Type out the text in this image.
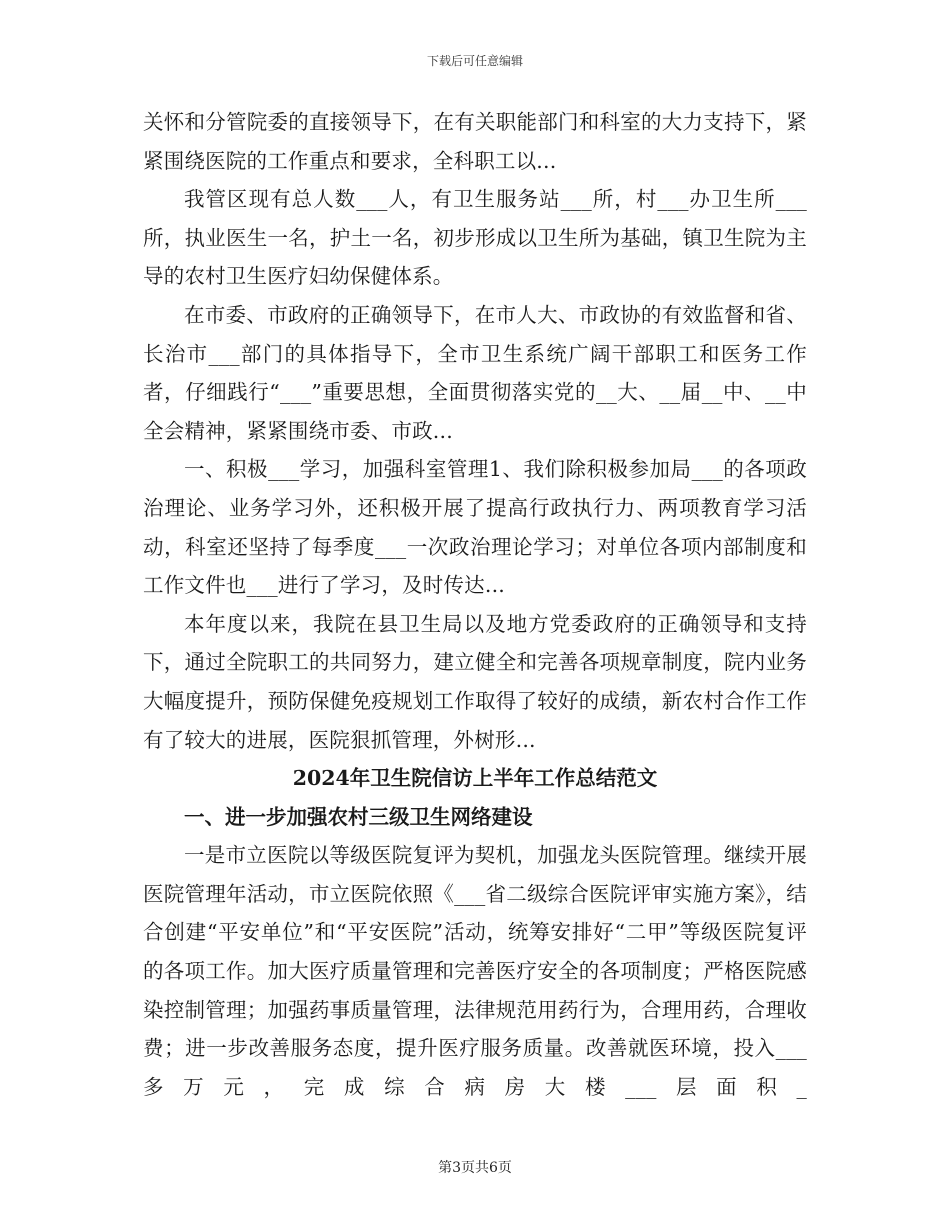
下载后可任意编辑

关怀和分管院委的直接领导下，在有关职能部门和科室的大力支持下，紧紧围绕医院的工作重点和要求，全科职工以...

我管区现有总人数___人，有卫生服务站___所，村___办卫生所___所，执业医生一名，护土一名，初步形成以卫生所为基础，镇卫生院为主导的农村卫生医疗妇幼保健体系。

在市委、市政府的正确领导下，在市人大、市政协的有效监督和省、长治市___部门的具体指导下，全市卫生系统广阔干部职工和医务工作者，仔细践行“___”重要思想，全面贯彻落实党的__大、__届__中、__中全会精神，紧紧围绕市委、市政...

一、积极___学习，加强科室管理1、我们除积极参加局___的各项政治理论、业务学习外，还积极开展了提高行政执行力、两项教育学习活动，科室还坚持了每季度___一次政治理论学习；对单位各项内部制度和工作文件也___进行了学习，及时传达...

本年度以来，我院在县卫生局以及地方党委政府的正确领导和支持下，通过全院职工的共同努力，建立健全和完善各项规章制度，院内业务大幅度提升，预防保健免疫规划工作取得了较好的成绩，新农村合作工作有了较大的进展，医院狠抓管理，外树形...

2024年卫生院信访上半年工作总结范文
一、进一步加强农村三级卫生网络建设

一是市立医院以等级医院复评为契机，加强龙头医院管理。继续开展医院管理年活动，市立医院依照《___省二级综合医院评审实施方案》，结合创建“平安单位”和“平安医院”活动，统筹安排好“二甲”等级医院复评的各项工作。加大医疗质量管理和完善医疗安全的各项制度；严格医院感染控制管理；加强药事质量管理，法律规范用药行为，合理用药，合理收费；进一步改善服务态度，提升医疗服务质量。改善就医环境，投入___多万元，完成综合病房大楼___层面积_

第3页共6页
